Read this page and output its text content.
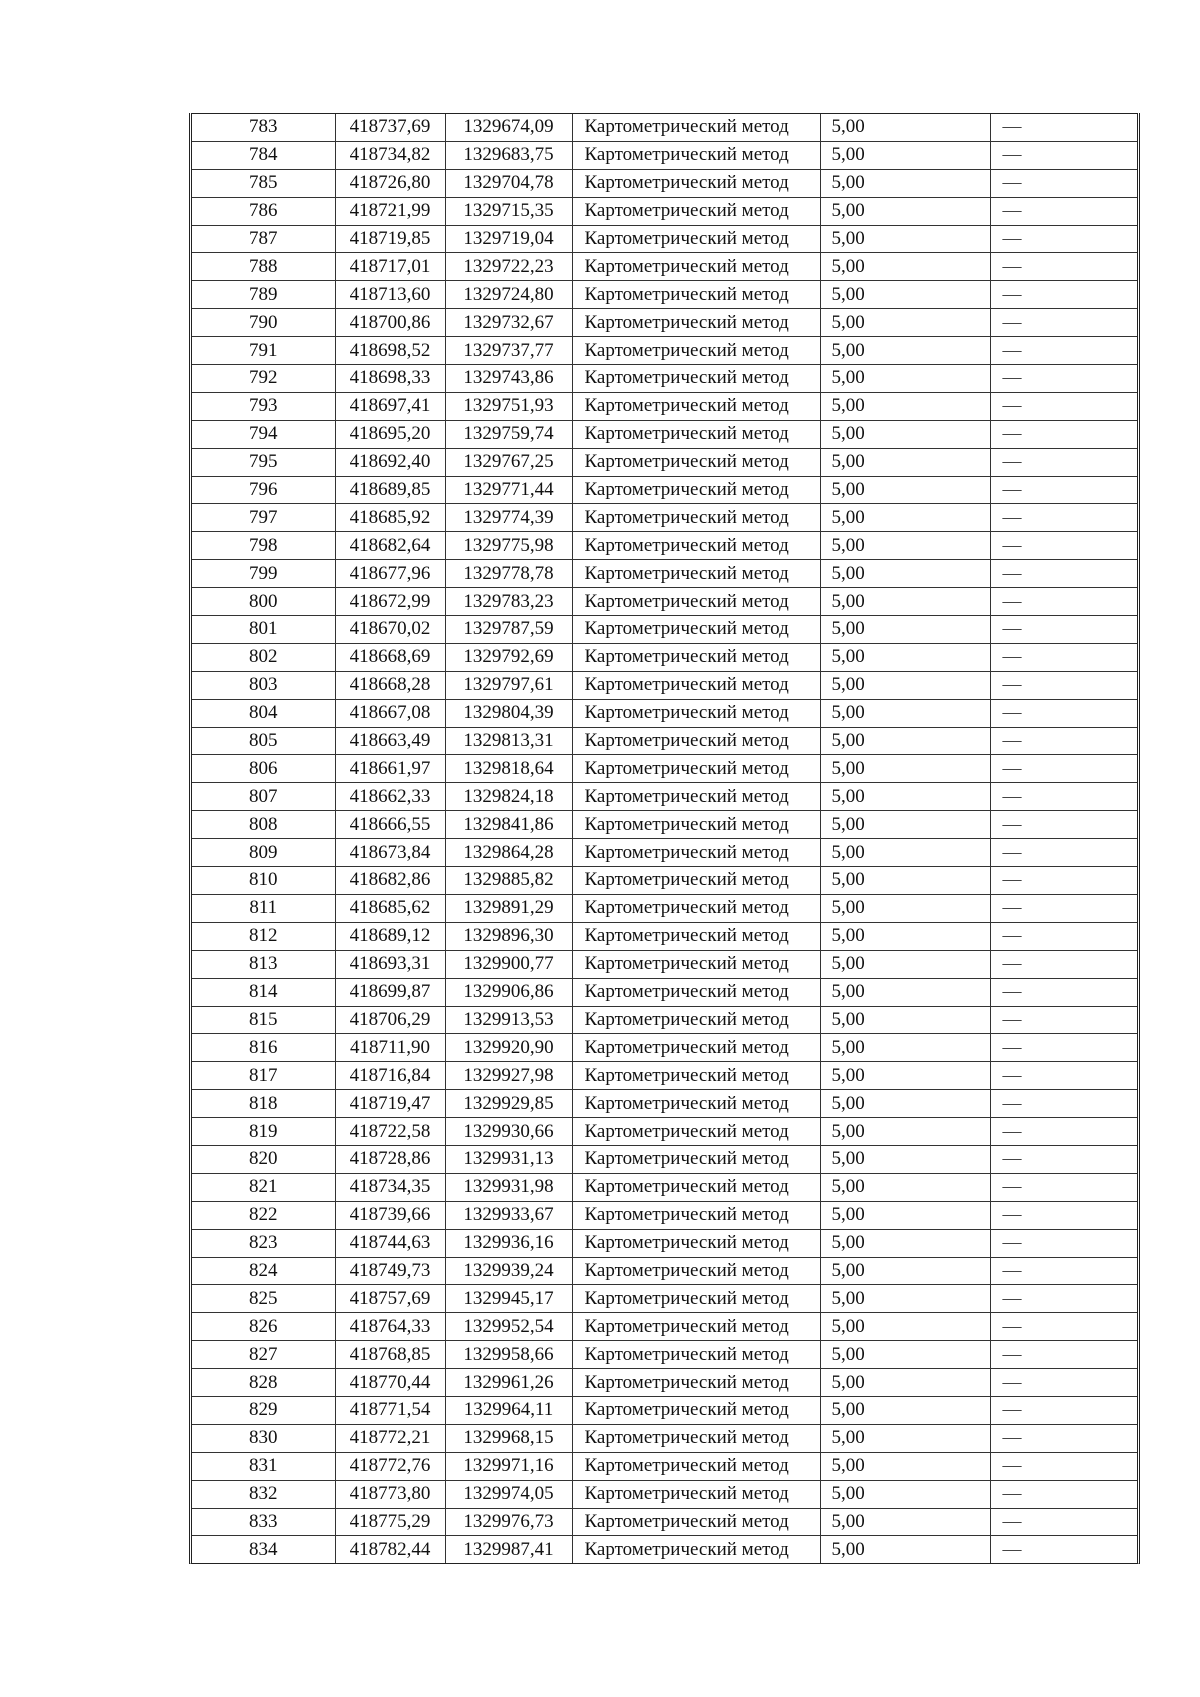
783	418737,69	1329674,09	Картометрический метод	5,00	—
784	418734,82	1329683,75	Картометрический метод	5,00	—
785	418726,80	1329704,78	Картометрический метод	5,00	—
786	418721,99	1329715,35	Картометрический метод	5,00	—
787	418719,85	1329719,04	Картометрический метод	5,00	—
788	418717,01	1329722,23	Картометрический метод	5,00	—
789	418713,60	1329724,80	Картометрический метод	5,00	—
790	418700,86	1329732,67	Картометрический метод	5,00	—
791	418698,52	1329737,77	Картометрический метод	5,00	—
792	418698,33	1329743,86	Картометрический метод	5,00	—
793	418697,41	1329751,93	Картометрический метод	5,00	—
794	418695,20	1329759,74	Картометрический метод	5,00	—
795	418692,40	1329767,25	Картометрический метод	5,00	—
796	418689,85	1329771,44	Картометрический метод	5,00	—
797	418685,92	1329774,39	Картометрический метод	5,00	—
798	418682,64	1329775,98	Картометрический метод	5,00	—
799	418677,96	1329778,78	Картометрический метод	5,00	—
800	418672,99	1329783,23	Картометрический метод	5,00	—
801	418670,02	1329787,59	Картометрический метод	5,00	—
802	418668,69	1329792,69	Картометрический метод	5,00	—
803	418668,28	1329797,61	Картометрический метод	5,00	—
804	418667,08	1329804,39	Картометрический метод	5,00	—
805	418663,49	1329813,31	Картометрический метод	5,00	—
806	418661,97	1329818,64	Картометрический метод	5,00	—
807	418662,33	1329824,18	Картометрический метод	5,00	—
808	418666,55	1329841,86	Картометрический метод	5,00	—
809	418673,84	1329864,28	Картометрический метод	5,00	—
810	418682,86	1329885,82	Картометрический метод	5,00	—
811	418685,62	1329891,29	Картометрический метод	5,00	—
812	418689,12	1329896,30	Картометрический метод	5,00	—
813	418693,31	1329900,77	Картометрический метод	5,00	—
814	418699,87	1329906,86	Картометрический метод	5,00	—
815	418706,29	1329913,53	Картометрический метод	5,00	—
816	418711,90	1329920,90	Картометрический метод	5,00	—
817	418716,84	1329927,98	Картометрический метод	5,00	—
818	418719,47	1329929,85	Картометрический метод	5,00	—
819	418722,58	1329930,66	Картометрический метод	5,00	—
820	418728,86	1329931,13	Картометрический метод	5,00	—
821	418734,35	1329931,98	Картометрический метод	5,00	—
822	418739,66	1329933,67	Картометрический метод	5,00	—
823	418744,63	1329936,16	Картометрический метод	5,00	—
824	418749,73	1329939,24	Картометрический метод	5,00	—
825	418757,69	1329945,17	Картометрический метод	5,00	—
826	418764,33	1329952,54	Картометрический метод	5,00	—
827	418768,85	1329958,66	Картометрический метод	5,00	—
828	418770,44	1329961,26	Картометрический метод	5,00	—
829	418771,54	1329964,11	Картометрический метод	5,00	—
830	418772,21	1329968,15	Картометрический метод	5,00	—
831	418772,76	1329971,16	Картометрический метод	5,00	—
832	418773,80	1329974,05	Картометрический метод	5,00	—
833	418775,29	1329976,73	Картометрический метод	5,00	—
834	418782,44	1329987,41	Картометрический метод	5,00	—
